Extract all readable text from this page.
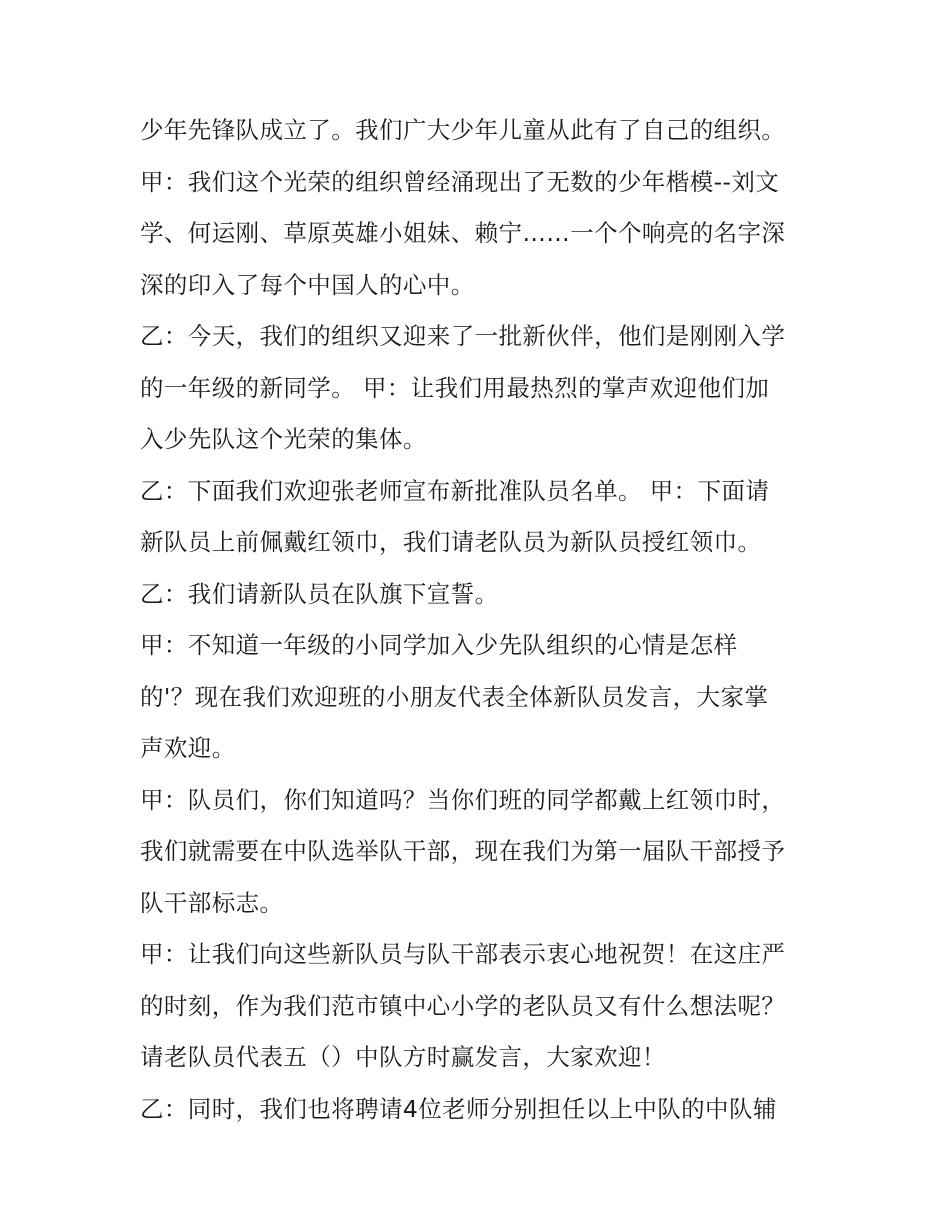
少年先锋队成立了。我们广大少年儿童从此有了自己的组织。
甲：我们这个光荣的组织曾经涌现出了无数的少年楷模--刘文
学、何运刚、草原英雄小姐妹、赖宁……一个个响亮的名字深
深的印入了每个中国人的心中。
乙：今天，我们的组织又迎来了一批新伙伴，他们是刚刚入学
的一年级的新同学。 甲：让我们用最热烈的掌声欢迎他们加
入少先队这个光荣的集体。
乙：下面我们欢迎张老师宣布新批准队员名单。 甲：下面请
新队员上前佩戴红领巾，我们请老队员为新队员授红领巾。
乙：我们请新队员在队旗下宣誓。
甲：不知道一年级的小同学加入少先队组织的心情是怎样
的'？现在我们欢迎班的小朋友代表全体新队员发言，大家掌
声欢迎。
甲：队员们，你们知道吗？当你们班的同学都戴上红领巾时，
我们就需要在中队选举队干部，现在我们为第一届队干部授予
队干部标志。
甲：让我们向这些新队员与队干部表示衷心地祝贺！在这庄严
的时刻，作为我们范市镇中心小学的老队员又有什么想法呢？
请老队员代表五（）中队方时赢发言，大家欢迎！
乙：同时，我们也将聘请4位老师分别担任以上中队的中队辅
